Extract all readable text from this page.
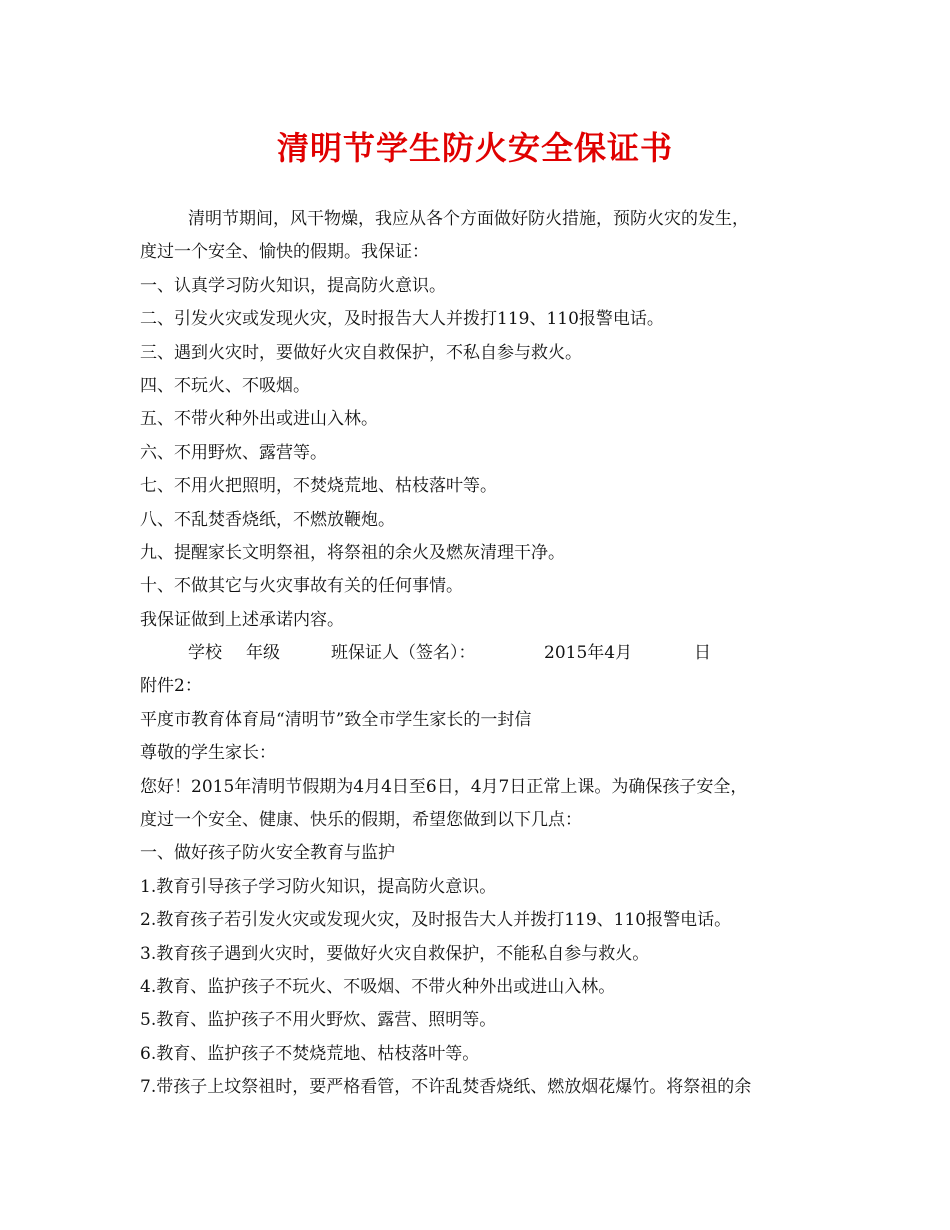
清明节学生防火安全保证书
清明节期间，风干物燥，我应从各个方面做好防火措施，预防火灾的发生，
度过一个安全、愉快的假期。我保证：
一、认真学习防火知识，提高防火意识。
二、引发火灾或发现火灾，及时报告大人并拨打119、110报警电话。
三、遇到火灾时，要做好火灾自救保护，不私自参与救火。
四、不玩火、不吸烟。
五、不带火种外出或进山入林。
六、不用野炊、露营等。
七、不用火把照明，不焚烧荒地、枯枝落叶等。
八、不乱焚香烧纸，不燃放鞭炮。
九、提醒家长文明祭祖，将祭祖的余火及燃灰清理干净。
十、不做其它与火灾事故有关的任何事情。
我保证做到上述承诺内容。
学校 年级	班保证人（签名）：	2015年4月	日
附件2：
平度市教育体育局“清明节”致全市学生家长的一封信
尊敬的学生家长：
您好！2015年清明节假期为4月4日至6日，4月7日正常上课。为确保孩子安全，
度过一个安全、健康、快乐的假期，希望您做到以下几点：
一、做好孩子防火安全教育与监护
1.教育引导孩子学习防火知识，提高防火意识。
2.教育孩子若引发火灾或发现火灾，及时报告大人并拨打119、110报警电话。
3.教育孩子遇到火灾时，要做好火灾自救保护，不能私自参与救火。
4.教育、监护孩子不玩火、不吸烟、不带火种外出或进山入林。
5.教育、监护孩子不用火野炊、露营、照明等。
6.教育、监护孩子不焚烧荒地、枯枝落叶等。
7.带孩子上坟祭祖时，要严格看管，不许乱焚香烧纸、燃放烟花爆竹。将祭祖的余
